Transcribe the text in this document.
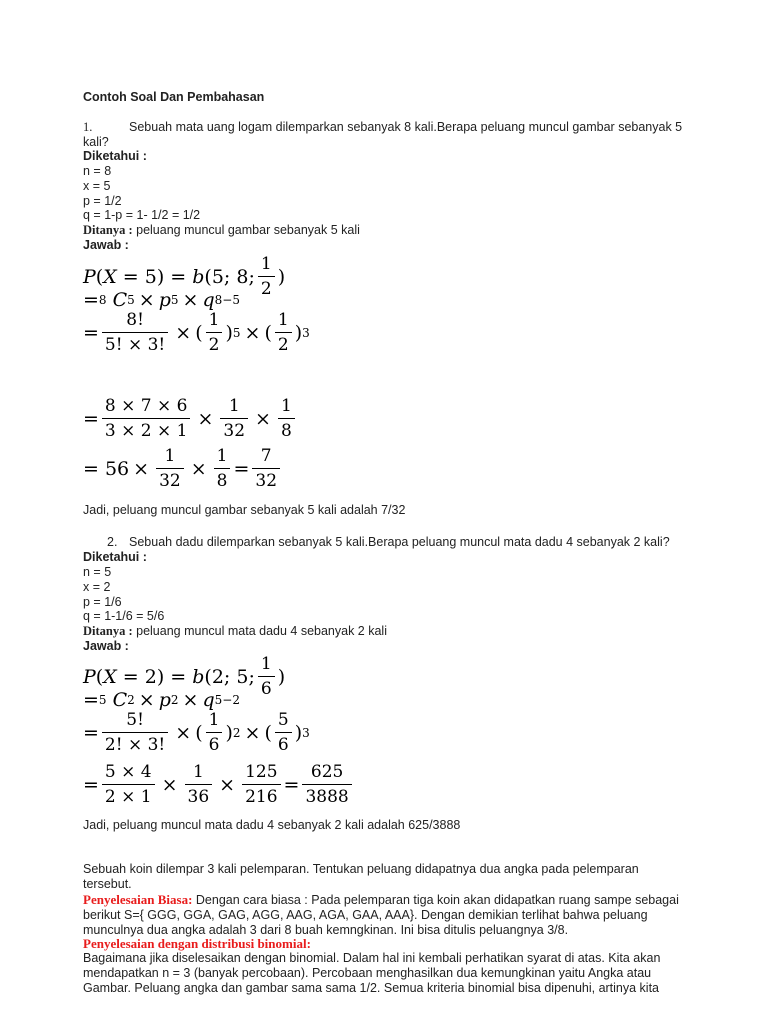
Contoh Soal Dan Pembahasan
1.	Sebuah mata uang logam dilemparkan sebanyak 8 kali.Berapa peluang muncul gambar sebanyak 5 kali?
Diketahui :
n = 8
x = 5
p = 1/2
q = 1-p = 1- 1/2 = 1/2
Ditanya : peluang muncul gambar sebanyak 5 kali
Jawab :
P ( X = 5) = b (5; 8; $\frac{1}{2}$ )
= 8
C 5 × p 5 × q 8−5
= $\frac{8!}{5! \times 3!}$ × ( $\frac{1}{2}$ ) 5 × ( $\frac{1}{2}$ ) 3
= $\frac{8 \times 7 \times 6}{3 \times 2 \times 1} \times \frac{1}{32} \times \frac{1}{8}$
= $56 \times \frac{1}{32} \times \frac{1}{8} = \frac{7}{32}$
Jadi, peluang muncul gambar sebanyak 5 kali adalah 7/32
2. Sebuah dadu dilemparkan sebanyak 5 kali.Berapa peluang muncul mata dadu 4 sebanyak 2 kali?
Diketahui :
n = 5
x = 2
p = 1/6
q = 1-1/6 = 5/6
Ditanya : peluang muncul mata dadu 4 sebanyak 2 kali
Jawab :
P ( X = 2) = b (2; 5; $\frac{1}{6}$ )
= 5
C 2 × p 2 × q 5−2
= $\frac{5!}{2! \times 3!}$ × ( $\frac{1}{6}$ ) 2 × ( $\frac{5}{6}$ ) 3
= $\frac{5 \times 4}{2 \times 1} \times \frac{1}{36} \times \frac{125}{216} = \frac{625}{3888}$
Jadi, peluang muncul mata dadu 4 sebanyak 2 kali adalah 625/3888
Sebuah koin dilempar 3 kali pelemparan. Tentukan peluang didapatnya dua angka pada pelemparan tersebut.
Penyelesaian Biasa: Dengan cara biasa : Pada pelemparan tiga koin akan didapatkan ruang sampe sebagai berikut S={ GGG, GGA, GAG, AGG, AAG, AGA, GAA, AAA}. Dengan demikian terlihat bahwa peluang munculnya dua angka adalah 3 dari 8 buah kemngkinan. Ini bisa ditulis peluangnya 3/8.
Penyelesaian dengan distribusi binomial:
Bagaimana jika diselesaikan dengan binomial. Dalam hal ini kembali perhatikan syarat di atas. Kita akan mendapatkan n = 3 (banyak percobaan). Percobaan menghasilkan dua kemungkinan yaitu Angka atau Gambar. Peluang angka dan gambar sama sama 1/2. Semua kriteria binomial bisa dipenuhi, artinya kita
